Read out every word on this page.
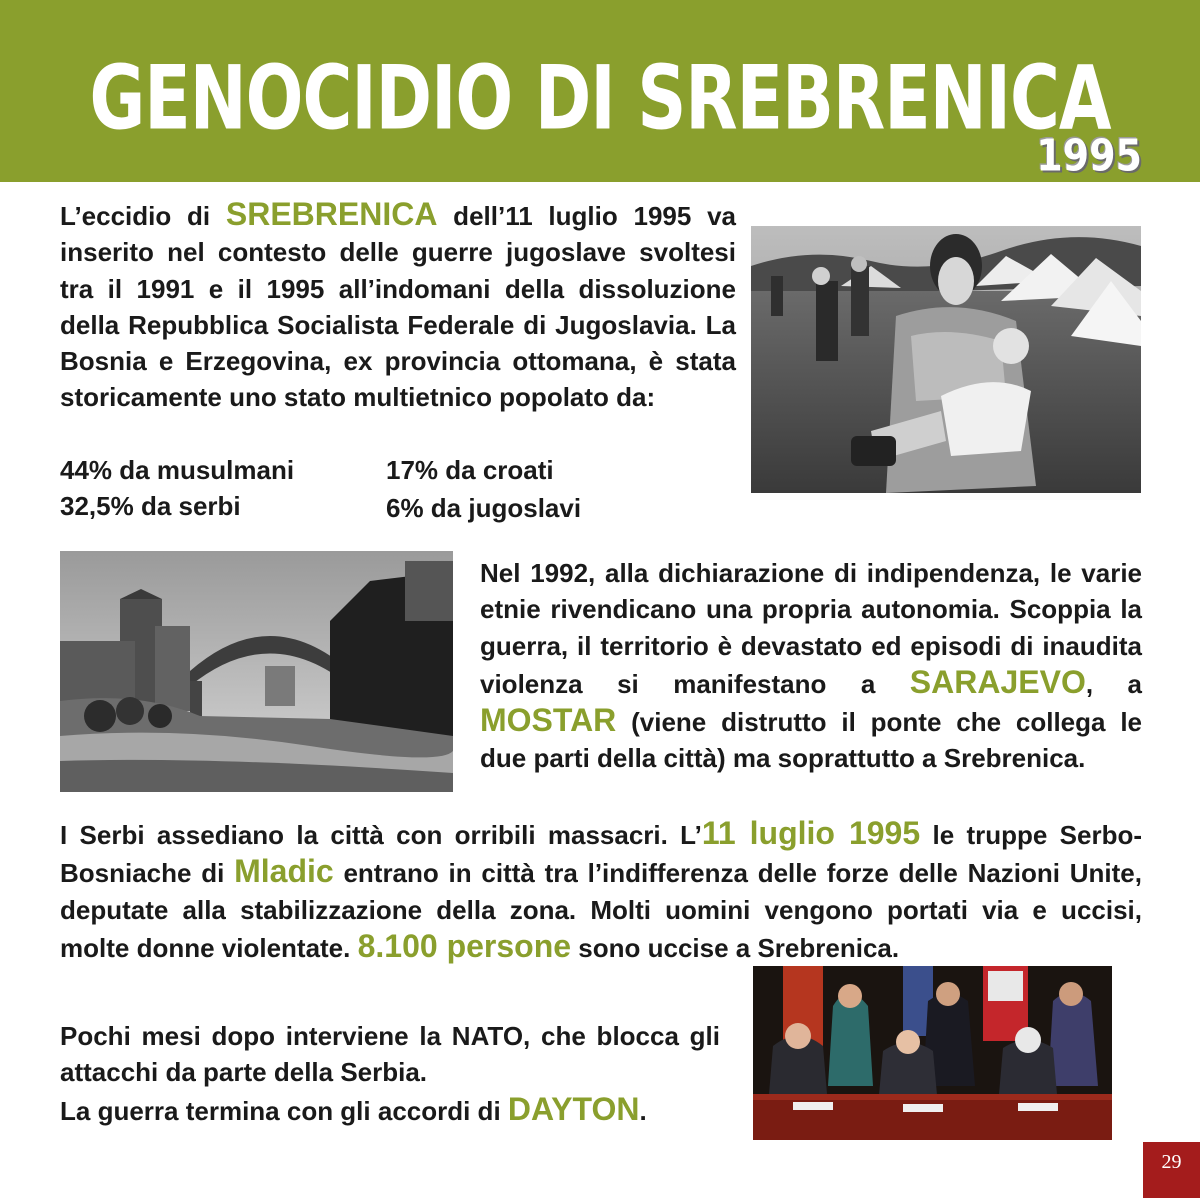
GENOCIDIO DI SREBRENICA
1995
L’eccidio di SREBRENICA dell’11 luglio 1995 va inserito nel contesto delle guerre jugoslave svoltesi tra il 1991 e il 1995 all’indomani della dissoluzione della Repubblica Socialista Federale di Jugoslavia. La Bosnia e Erzegovina, ex provincia ottomana, è stata storicamente uno stato multietnico popolato da:
44% da musulmani	17% da croati
32,5% da serbi	6% da jugoslavi
Nel 1992, alla dichiarazione di indipendenza, le varie etnie rivendicano una propria autonomia. Scoppia la guerra, il territorio è devastato ed episodi di inaudita violenza si manifestano a SARAJEVO, a MOSTAR (viene distrutto il ponte che collega le due parti della città) ma soprattutto a Srebrenica.
I Serbi assediano la città con orribili massacri. L’11 luglio 1995 le truppe Serbo-Bosniache di Mladic entrano in città tra l’indifferenza delle forze delle Nazioni Unite, deputate alla stabilizzazione della zona. Molti uomini vengono portati via e uccisi, molte donne violentate. 8.100 persone sono uccise a Srebrenica.
Pochi mesi dopo interviene la NATO, che blocca gli attacchi da parte della Serbia.
La guerra termina con gli accordi di DAYTON.
29
